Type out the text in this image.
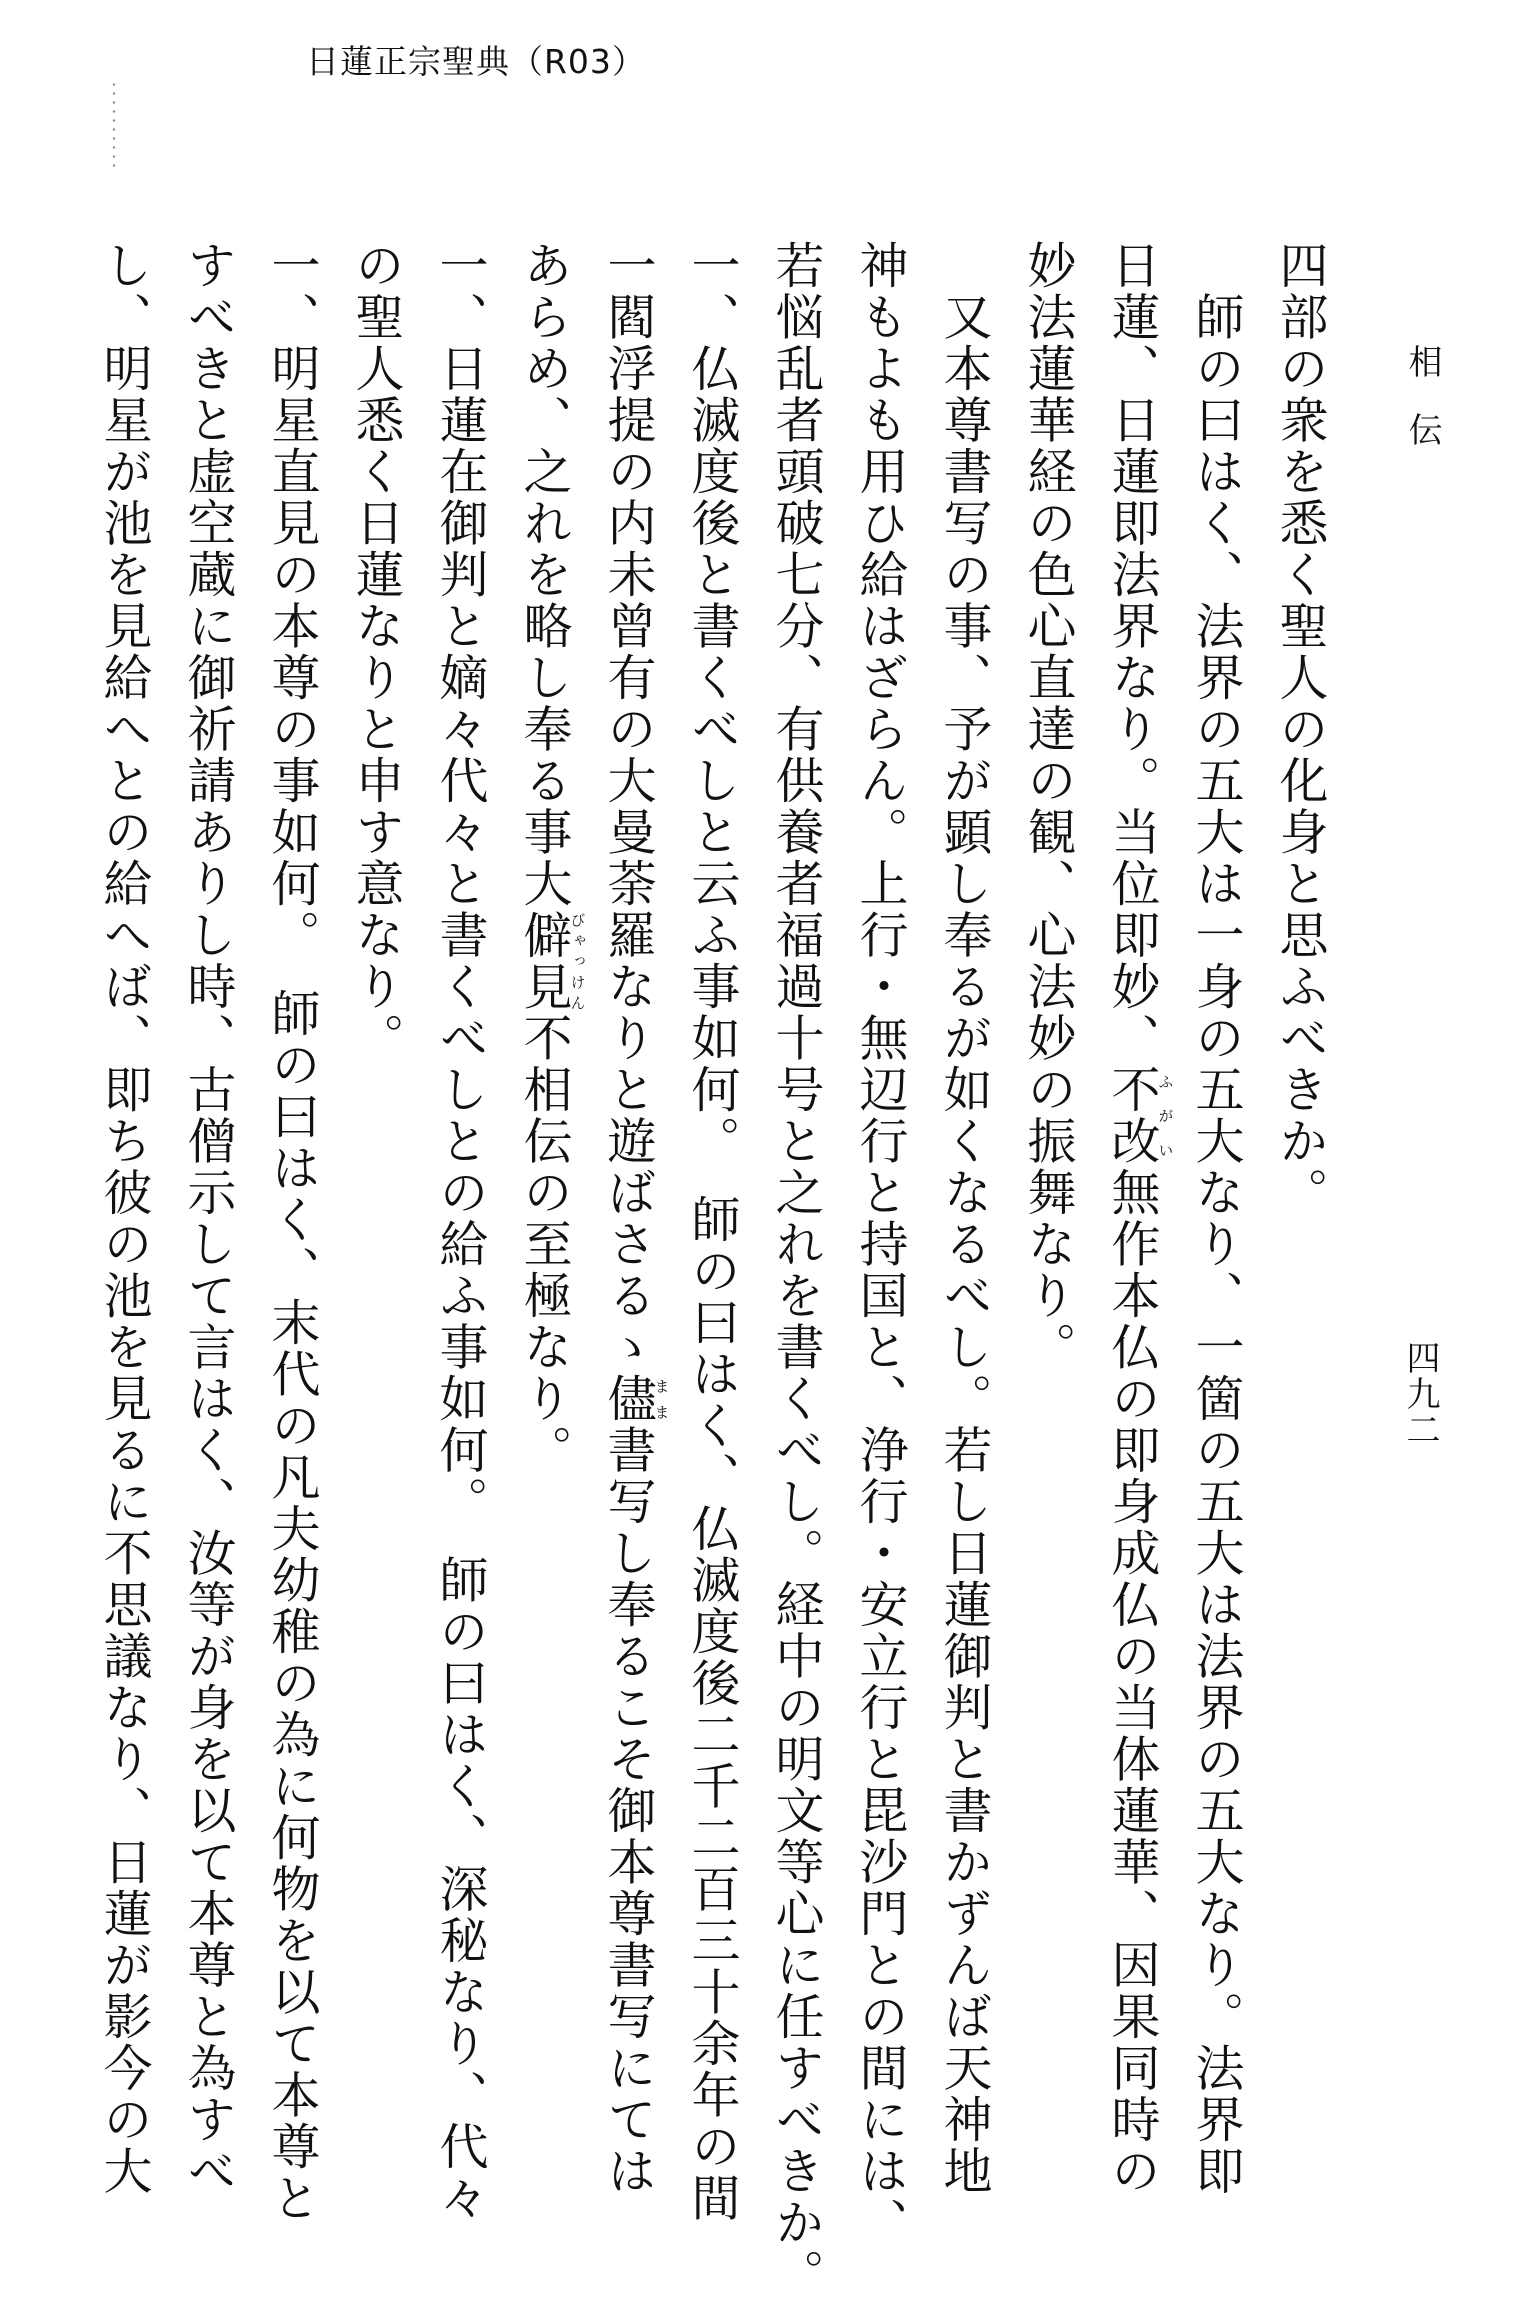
日蓮正宗聖典（R03）
相伝
四九二
四部の衆を悉く聖人の化身と思ふべきか。
　師の曰はく、法界の五大は一身の五大なり、一箇の五大は法界の五大なり。法界即
日蓮、日蓮即法界なり。当位即妙、不改ふがい無作本仏の即身成仏の当体蓮華、因果同時の
妙法蓮華経の色心直達の観、心法妙の振舞なり。
　又本尊書写の事、予が顕し奉るが如くなるべし。若し日蓮御判と書かずんば天神地
神もよも用ひ給はざらん。上行・無辺行と持国と、浄行・安立行と毘沙門との間には、
若悩乱者頭破七分、有供養者福過十号と之れを書くべし。経中の明文等心に任すべきか。
一、仏滅度後と書くべしと云ふ事如何。　師の曰はく、仏滅度後二千二百三十余年の間
一閻浮提の内未曾有の大曼荼羅なりと遊ばさるゝ儘まま書写し奉るこそ御本尊書写にては
あらめ、之れを略し奉る事大僻見びゃっけん不相伝の至極なり。
一、日蓮在御判と嫡々代々と書くべしとの給ふ事如何。　師の曰はく、深秘なり、代々
の聖人悉く日蓮なりと申す意なり。
一、明星直見の本尊の事如何。　師の曰はく、末代の凡夫幼稚の為に何物を以て本尊と
すべきと虚空蔵に御祈請ありし時、古僧示して言はく、汝等が身を以て本尊と為すべ
し、明星が池を見給へとの給へば、即ち彼の池を見るに不思議なり、日蓮が影今の大
